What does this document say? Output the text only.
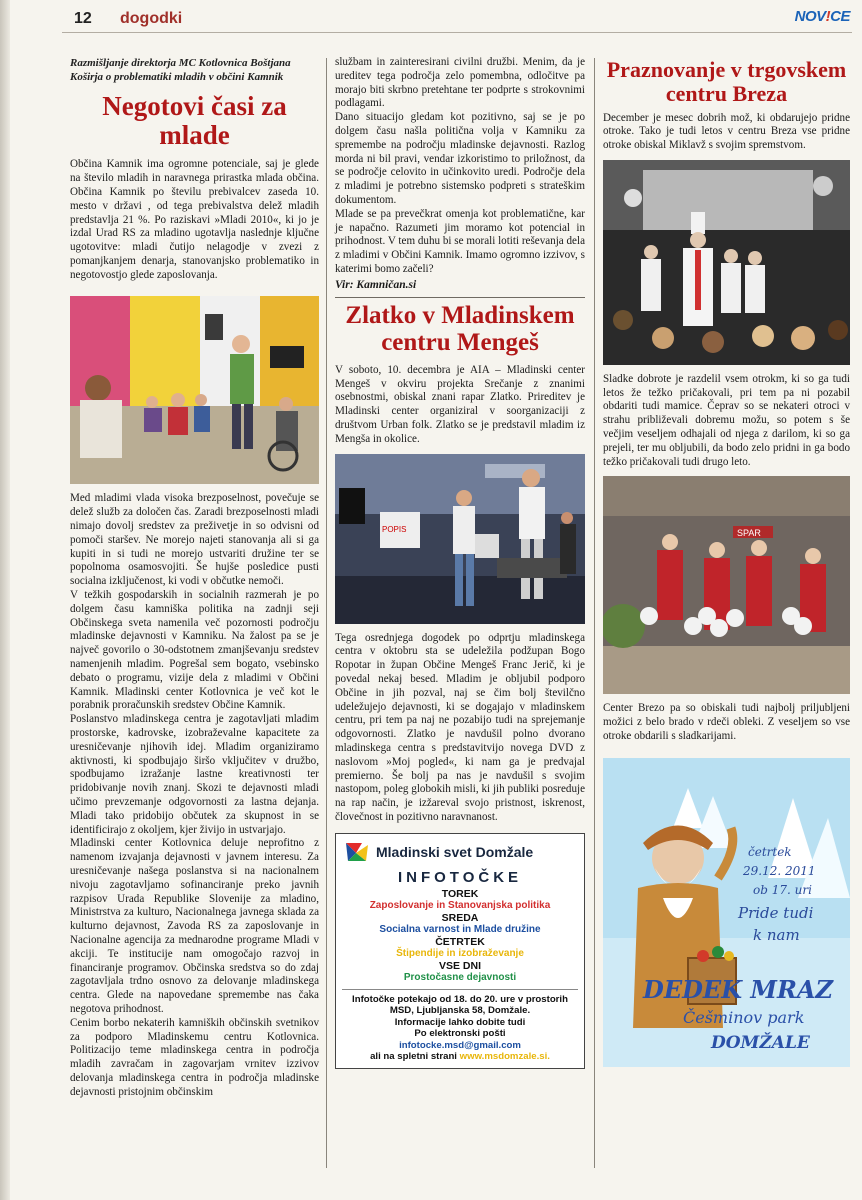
12 dogodki	NOV!CE
Razmišljanje direktorja MC Kotlovnica Boštjana Koširja o problematiki mladih v občini Kamnik
Negotovi časi za mlade

Občina Kamnik ima ogromne potenciale, saj je glede na število mladih in naravnega prirastka mlada občina. Občina Kamnik po številu prebivalcev zaseda 10. mesto v državi , od tega prebivalstva delež mladih predstavlja 21 %. Po raziskavi »Mladi 2010«, ki jo je izdal Urad RS za mladino ugotavlja naslednje ključne ugotovitve: mladi čutijo nelagodje v zvezi z pomanjkanjem denarja, stanovanjsko problematiko in negotovostjo glede zaposlovanja.

Med mladimi vlada visoka brezposelnost, povečuje se delež služb za določen čas. Zaradi brezposelnosti mladi nimajo dovolj sredstev za preživetje in so odvisni od pomoči staršev. Ne morejo najeti stanovanja ali si ga kupiti in si tudi ne morejo ustvariti družine ter se popolnoma osamosvojiti. Še hujše posledice pusti socialna izključenost, ki vodi v občutke nemoči.

V težkih gospodarskih in socialnih razmerah je po dolgem času kamniška politika na zadnji seji Občinskega sveta namenila več pozornosti področju mladinske dejavnosti v Kamniku. Na žalost pa se je največ govorilo o 30-odstotnem zmanjševanju sredstev namenjenih mladim. Pogrešal sem bogato, vsebinsko debato o programu, vizije dela z mladimi v Občini Kamnik. Mladinski center Kotlovnica je več kot le porabnik proračunskih sredstev Občine Kamnik.

Poslanstvo mladinskega centra je zagotavljati mladim prostorske, kadrovske, izobraževalne kapacitete za uresničevanje njihovih idej. Mladim organiziramo aktivnosti, ki spodbujajo širšo vključitev v družbo, spodbujamo izražanje lastne kreativnosti ter pridobivanje novih znanj. Skozi te dejavnosti mladi učimo prevzemanje odgovornosti za lastna dejanja. Mladi tako pridobijo občutek za skupnost in se identificirajo z okoljem, kjer živijo in ustvarjajo.

Mladinski center Kotlovnica deluje neprofitno z namenom izvajanja dejavnosti v javnem interesu. Za uresničevanje našega poslanstva si na nacionalnem nivoju zagotavljamo sofinanciranje preko javnih razpisov Urada Republike Slovenije za mladino, Ministrstva za kulturo, Nacionalnega javnega sklada za kulturno dejavnost, Zavoda RS za zaposlovanje in Nacionalne agencija za mednarodne programe Mladi v akciji. Te institucije nam omogočajo razvoj in financiranje programov. Občinska sredstva so do zdaj zagotavljala trdno osnovo za delovanje mladinskega centra. Glede na napovedane spremembe nas čaka negotova prihodnost.

Cenim borbo nekaterih kamniških občinskih svetnikov za podporo Mladinskemu centru Kotlovnica. Politizacijo teme mladinskega centra in področja mladih zavračam in zagovarjam vrnitev izzivov delovanja mladinskega centra in področja mladinske dejavnosti pristojnim občinskim

službam in zainteresirani civilni družbi. Menim, da je ureditev tega področja zelo pomembna, odločitve pa morajo biti skrbno pretehtane ter podprte s strokovnimi podlagami.

Dano situacijo gledam kot pozitivno, saj se je po dolgem času našla politična volja v Kamniku za spremembe na področju mladinske dejavnosti. Razlog morda ni bil pravi, vendar izkoristimo to priložnost, da se področje celovito in učinkovito uredi. Področje dela z mladimi je potrebno sistemsko podpreti s strateškim dokumentom.

Mlade se pa prevečkrat omenja kot problematične, kar je napačno. Razumeti jim moramo kot potencial in prihodnost. V tem duhu bi se morali lotiti reševanja dela z mladimi v Občini Kamnik. Imamo ogromno izzivov, s katerimi bomo začeli?

Vir: Kamničan.si
Zlatko v Mladinskem centru Mengeš

V soboto, 10. decembra je AIA – Mladinski center Mengeš v okviru projekta Srečanje z znanimi osebnostmi, obiskal znani rapar Zlatko. Prireditev je Mladinski center organiziral v soorganizaciji z društvom Urban folk. Zlatko se je predstavil mladim iz Mengša in okolice.

POPIS

Tega osrednjega dogodek po odprtju mladinskega centra v oktobru sta se udeležila podžupan Bogo Ropotar in župan Občine Mengeš Franc Jerič, ki je povedal nekaj besed. Mladim je obljubil podporo Občine in jih pozval, naj se čim bolj številčno udeležujejo dejavnosti, ki se dogajajo v mladinskem centru, pri tem pa naj ne pozabijo tudi na sprejemanje odgovornosti. Zlatko je navdušil polno dvorano mladinskega centra s predstavitvijo novega DVD z naslovom »Moj pogled«, ki nam ga je predvajal premierno. Še bolj pa nas je navdušil s svojim nastopom, poleg globokih misli, ki jih publiki posreduje na rap način, je izžareval svojo pristnost, iskrenost, človečnost in pozitivno naravnanost.

Mladinski svet Domžale
INFOTOČKE
TOREK
Zaposlovanje in Stanovanjska politika
SREDA
Socialna varnost in Mlade družine
ČETRTEK
Štipendije in izobraževanje
VSE DNI
Prostočasne dejavnosti
Infotočke potekajo od 18. do 20. ure v prostorih MSD, Ljubljanska 58, Domžale.
Informacije lahko dobite tudi
Po elektronski pošti
infotocke.msd@gmail.com
ali na spletni strani www.msdomzale.si.
Praznovanje v trgovskem centru Breza

December je mesec dobrih mož, ki obdarujejo pridne otroke. Tako je tudi letos v centru Breza vse pridne otroke obiskal Miklavž s svojim spremstvom.

Sladke dobrote je razdelil vsem otrokm, ki so ga tudi letos že težko pričakovali, pri tem pa ni pozabil obdariti tudi mamice. Čeprav so se nekateri otroci v strahu približevali dobremu možu, so potem s še večjim veseljem odhajali od njega z darilom, ki so ga prejeli, ter mu obljubili, da bodo zelo pridni in ga bodo težko pričakovali tudi drugo leto.

SPAR

Center Brezo pa so obiskali tudi najbolj priljubljeni možici z belo brado v rdeči obleki. Z veseljem so vse otroke obdarili s sladkarijami.

četrtek
29.12. 2011
ob 17. uri
Pride tudi
k nam
DEDEK MRAZ
Češminov park
DOMŽALE
